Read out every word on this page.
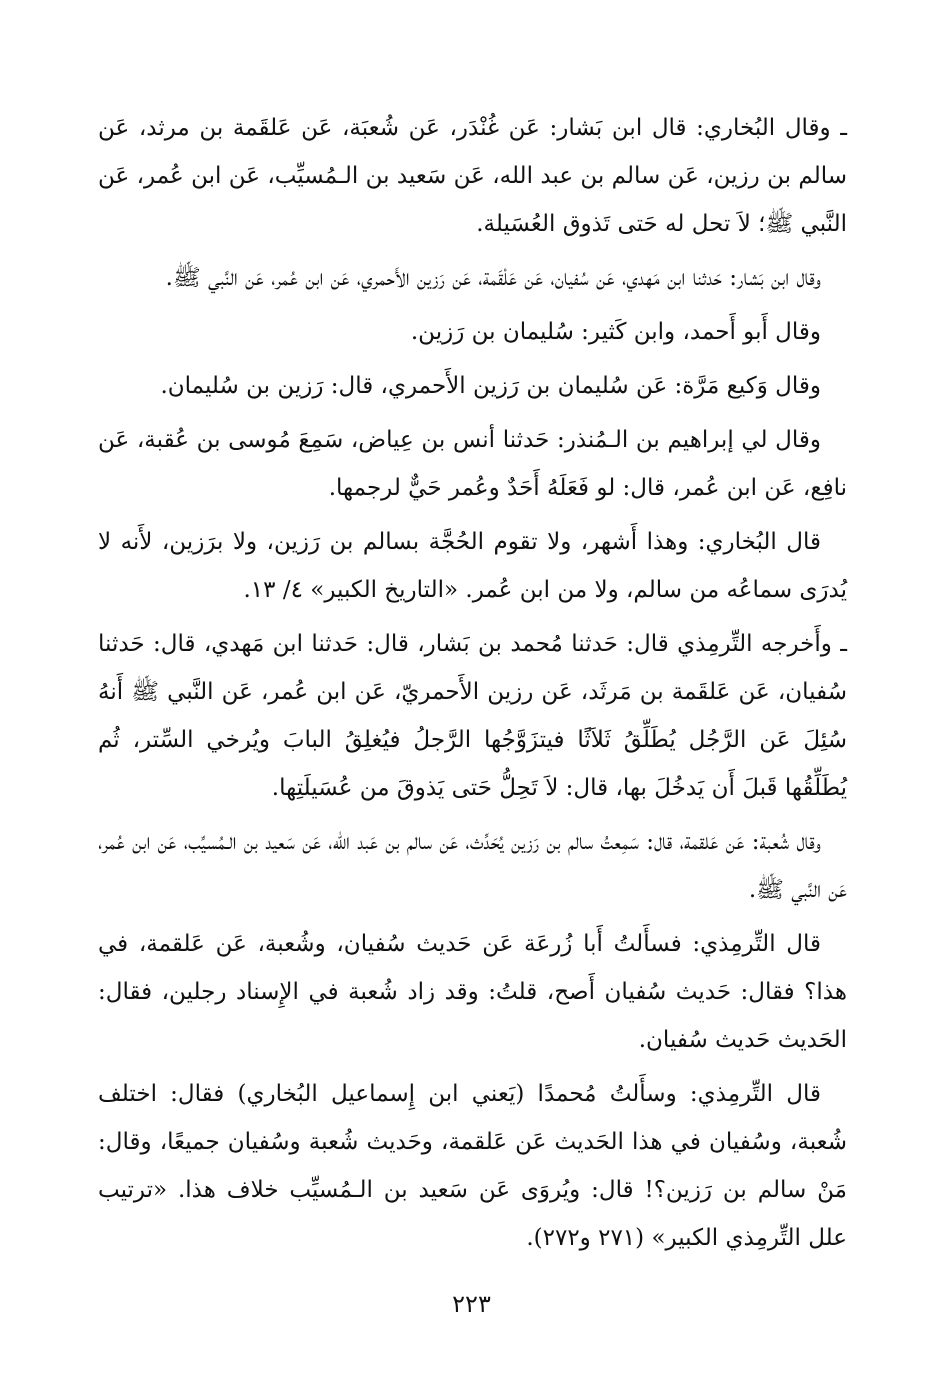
ـ وقال البُخاري: قال ابن بَشار: عَن غُنْدَر، عَن شُعبَة، عَن عَلقَمة بن مرثد، عَن سالم بن رزين، عَن سالم بن عبد الله، عَن سَعيد بن الـمُسيِّب، عَن ابن عُمر، عَن النَّبي ﷺ؛ لاَ تحل له حَتى تَذوق العُسَيلة.

وقال ابن بَشار: حَدثنا ابن مَهدي، عَن سُفيان، عَن عَلْقَمة، عَن رَزين الأَحمري، عَن ابن عُمر، عَن النَّبي ﷺ.

وقال أَبو أَحمد، وابن كَثير: سُليمان بن رَزين.

وقال وَكيع مَرَّة: عَن سُليمان بن رَزين الأَحمري، قال: رَزين بن سُليمان.

وقال لي إبراهيم بن الـمُنذر: حَدثنا أنس بن عِياض، سَمِعَ مُوسى بن عُقبة، عَن نافِع، عَن ابن عُمر، قال: لو فَعَلَهُ أَحَدٌ وعُمر حَيٌّ لرجمها.

قال البُخاري: وهذا أَشهر، ولا تقوم الحُجَّة بسالم بن رَزين، ولا برَزين، لأَنه لا يُدرَى سماعُه من سالم، ولا من ابن عُمر. «التاريخ الكبير» ٤/ ١٣.

ـ وأَخرجه التِّرمِذي قال: حَدثنا مُحمد بن بَشار، قال: حَدثنا ابن مَهدي، قال: حَدثنا سُفيان، عَن عَلقَمة بن مَرثَد، عَن رزين الأَحمريّ، عَن ابن عُمر، عَن النَّبي ﷺ أَنهُ سُئِلَ عَن الرَّجُل يُطَلِّقُ ثَلاَثًا فيتزَوَّجُها الرَّجلُ فيُغلِقُ البابَ ويُرخي السِّتر، ثُم يُطَلِّقُها قَبلَ أَن يَدخُلَ بها، قال: لاَ تَحِلُّ حَتى يَذوقَ من عُسَيلَتِها.

وقال شُعبة: عَن عَلقمة، قال: سَمِعتُ سالم بن رَزين يُحَدِّث، عَن سالم بن عَبد الله، عَن سَعيد بن الـمُسيِّب، عَن ابن عُمر، عَن النَّبي ﷺ.

قال التِّرمِذي: فسأَلتُ أَبا زُرعَة عَن حَديث سُفيان، وشُعبة، عَن عَلقمة، في هذا؟ فقال: حَديث سُفيان أَصح، قلتُ: وقد زاد شُعبة في الإِسناد رجلين، فقال: الحَديث حَديث سُفيان.

قال التِّرمِذي: وسأَلتُ مُحمدًا (يَعني ابن إِسماعيل البُخاري) فقال: اختلف شُعبة، وسُفيان في هذا الحَديث عَن عَلقمة، وحَديث شُعبة وسُفيان جميعًا، وقال: مَنْ سالم بن رَزين؟! قال: ويُروَى عَن سَعيد بن الـمُسيِّب خلاف هذا. «ترتيب علل التِّرمِذي الكبير» (٢٧١ و٢٧٢).

٢٢٣
